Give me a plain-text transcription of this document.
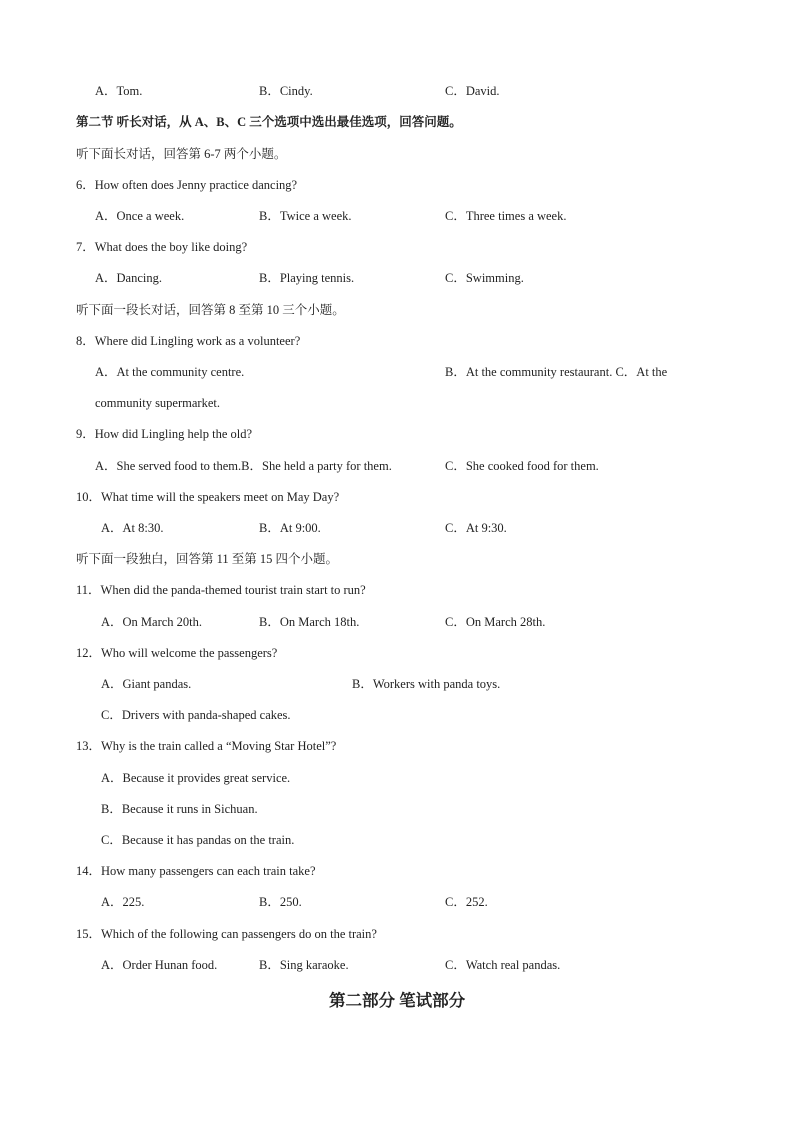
A．Tom.	B．Cindy.	C．David.
第二节 听长对话，从 A、B、C 三个选项中选出最佳选项，回答问题。
听下面长对话，回答第 6-7 两个小题。
6．How often does Jenny practice dancing?
A．Once a week.	B．Twice a week.	C．Three times a week.
7．What does the boy like doing?
A．Dancing.	B．Playing tennis.	C．Swimming.
听下面一段长对话，回答第 8 至第 10 三个小题。
8．Where did Lingling work as a volunteer?
A．At the community centre.	B．At the community restaurant. C．At the
community supermarket.
9．How did Lingling help the old?
A．She served food to them.B．She held a party for them.	C．She cooked food for them.
10．What time will the speakers meet on May Day?
A．At 8:30.	B．At 9:00.	C．At 9:30.
听下面一段独白，回答第 11 至第 15 四个小题。
11．When did the panda-themed tourist train start to run?
A．On March 20th.	B．On March 18th.	C．On March 28th.
12．Who will welcome the passengers?
A．Giant pandas.	B．Workers with panda toys.
C．Drivers with panda-shaped cakes.
13．Why is the train called a “Moving Star Hotel”?
A．Because it provides great service.
B．Because it runs in Sichuan.
C．Because it has pandas on the train.
14．How many passengers can each train take?
A．225.	B．250.	C．252.
15．Which of the following can passengers do on the train?
A．Order Hunan food.	B．Sing karaoke.	C．Watch real pandas.
第二部分 笔试部分
